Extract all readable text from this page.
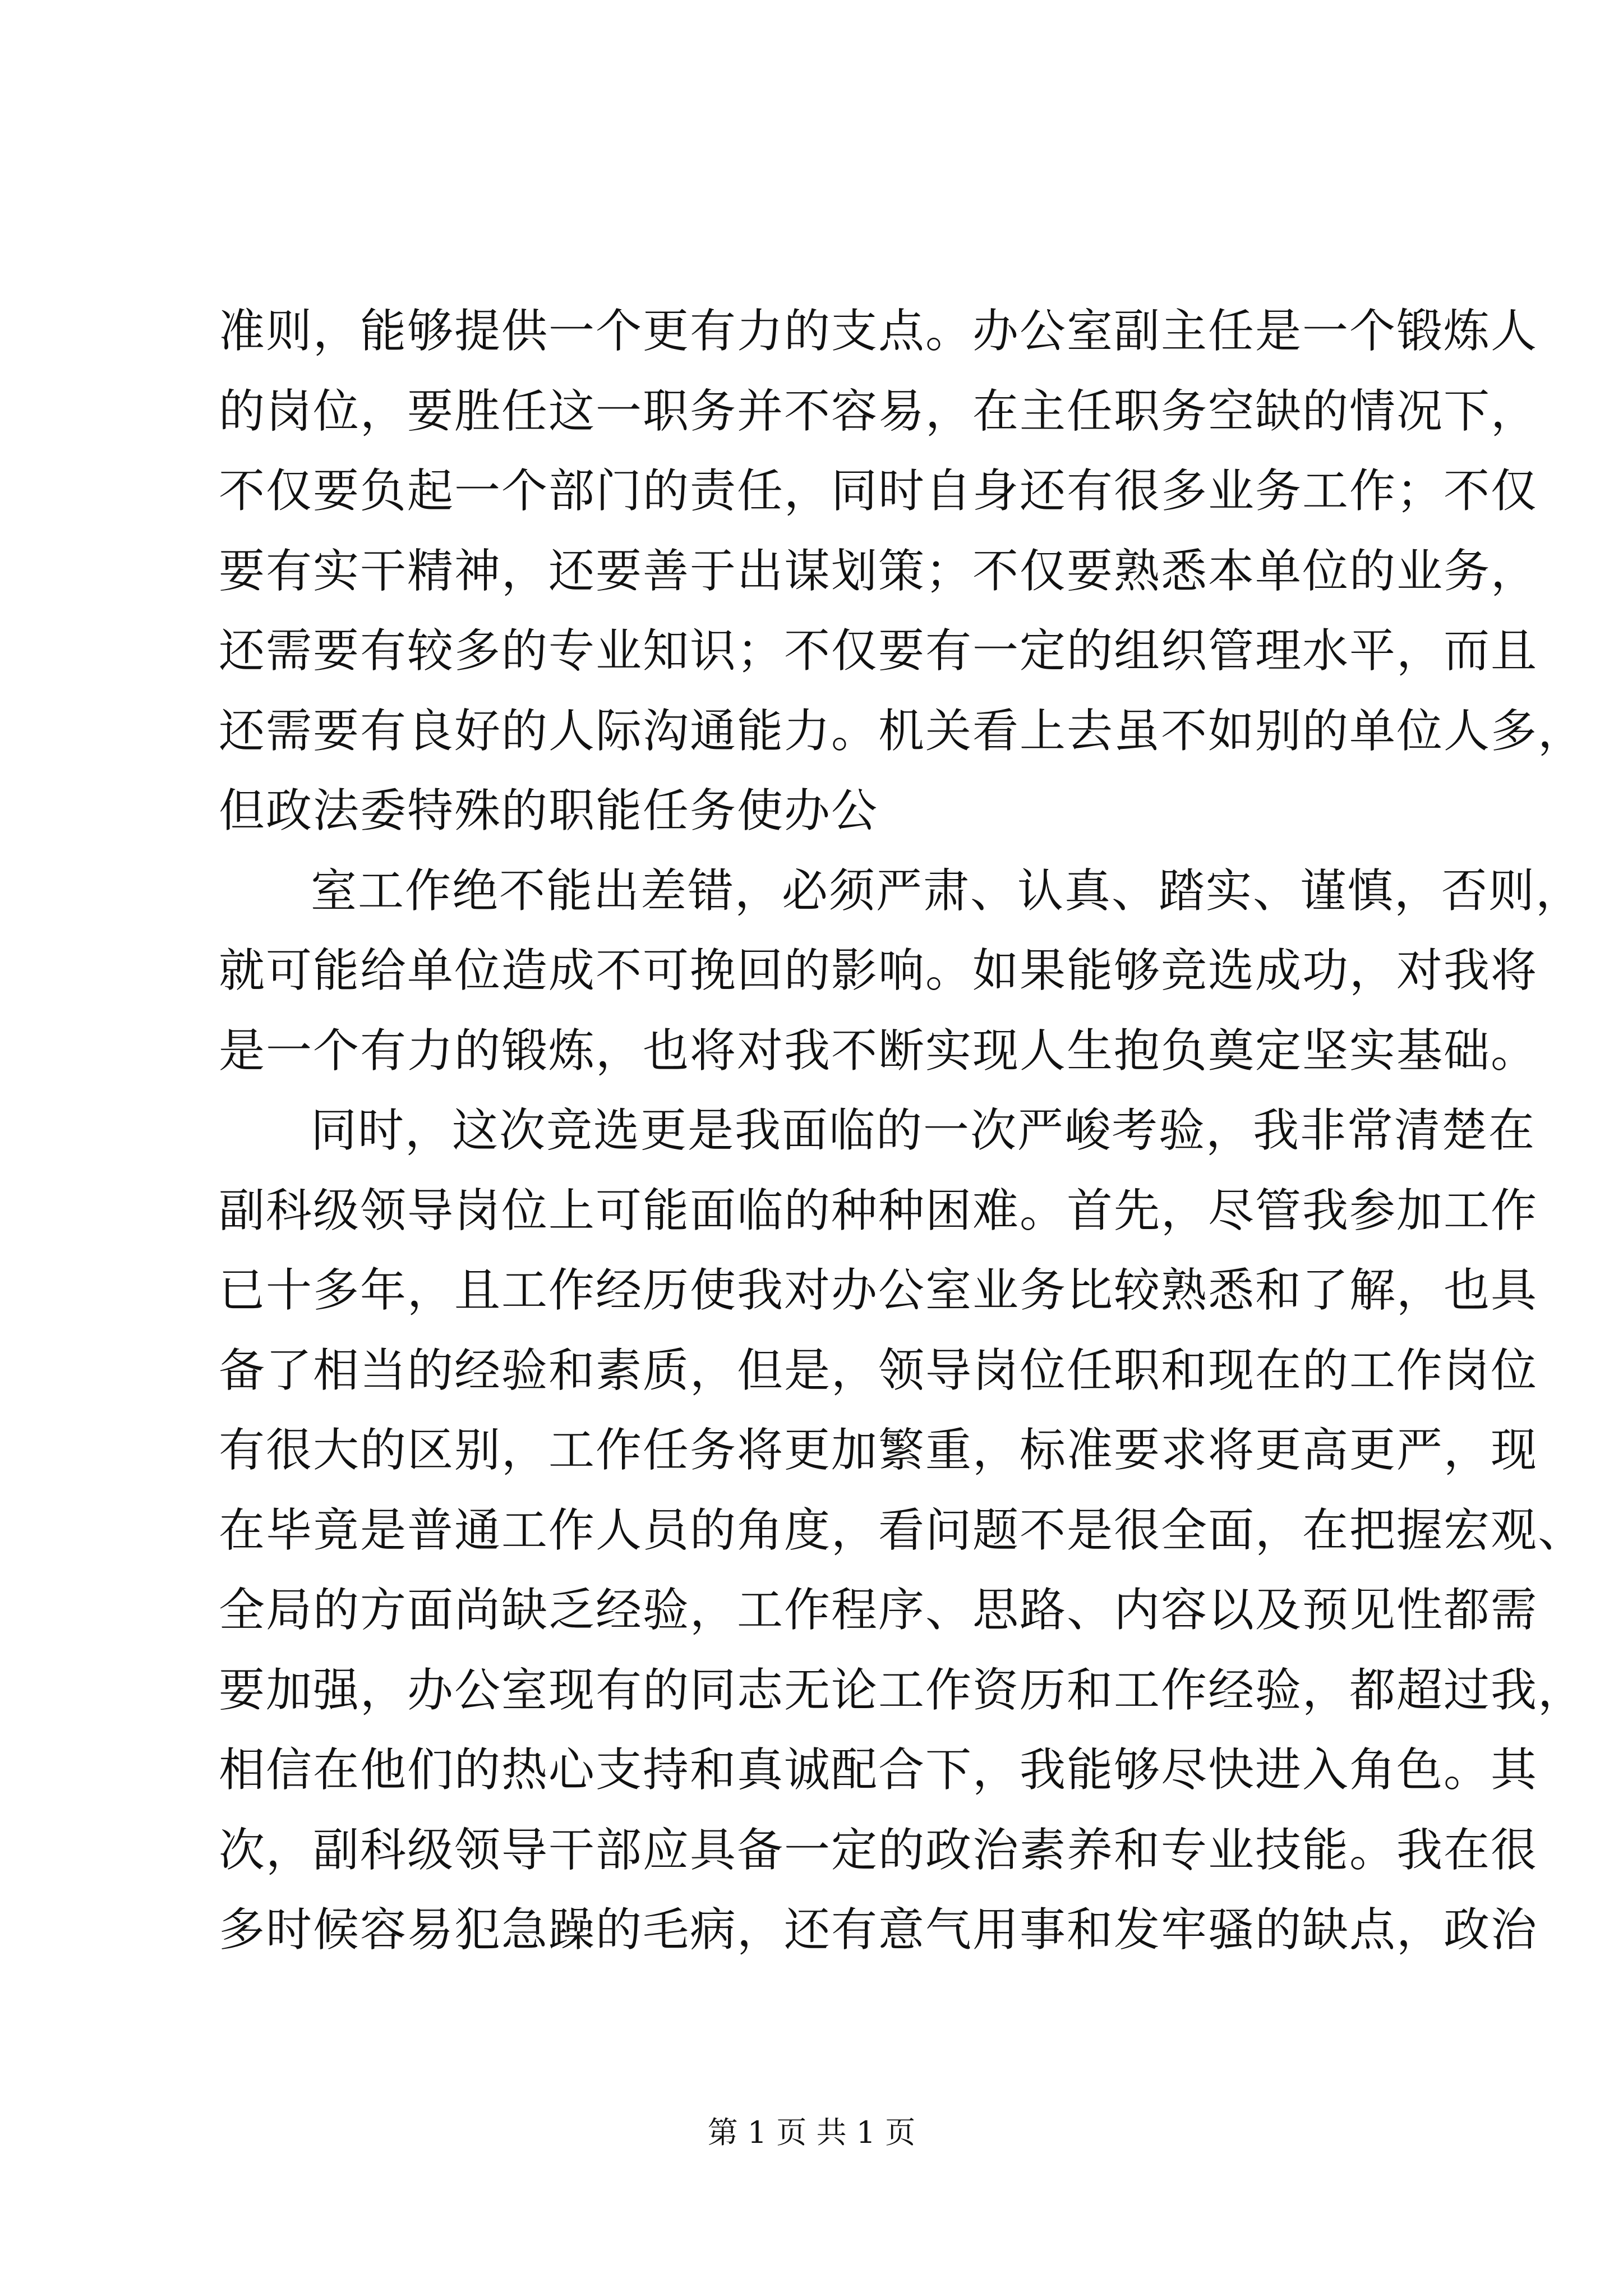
准则，能够提供一个更有力的支点。办公室副主任是一个锻炼人
的岗位，要胜任这一职务并不容易，在主任职务空缺的情况下，
不仅要负起一个部门的责任，同时自身还有很多业务工作；不仅
要有实干精神，还要善于出谋划策；不仅要熟悉本单位的业务，
还需要有较多的专业知识；不仅要有一定的组织管理水平，而且
还需要有良好的人际沟通能力。机关看上去虽不如别的单位人多，
但政法委特殊的职能任务使办公
室工作绝不能出差错，必须严肃、认真、踏实、谨慎，否则，
就可能给单位造成不可挽回的影响。如果能够竞选成功，对我将
是一个有力的锻炼，也将对我不断实现人生抱负奠定坚实基础。
同时，这次竞选更是我面临的一次严峻考验，我非常清楚在
副科级领导岗位上可能面临的种种困难。首先，尽管我参加工作
已十多年，且工作经历使我对办公室业务比较熟悉和了解，也具
备了相当的经验和素质，但是，领导岗位任职和现在的工作岗位
有很大的区别，工作任务将更加繁重，标准要求将更高更严，现
在毕竟是普通工作人员的角度，看问题不是很全面，在把握宏观、
全局的方面尚缺乏经验，工作程序、思路、内容以及预见性都需
要加强，办公室现有的同志无论工作资历和工作经验，都超过我，
相信在他们的热心支持和真诚配合下，我能够尽快进入角色。其
次，副科级领导干部应具备一定的政治素养和专业技能。我在很
多时候容易犯急躁的毛病，还有意气用事和发牢骚的缺点，政治
第 1 页 共 1 页
